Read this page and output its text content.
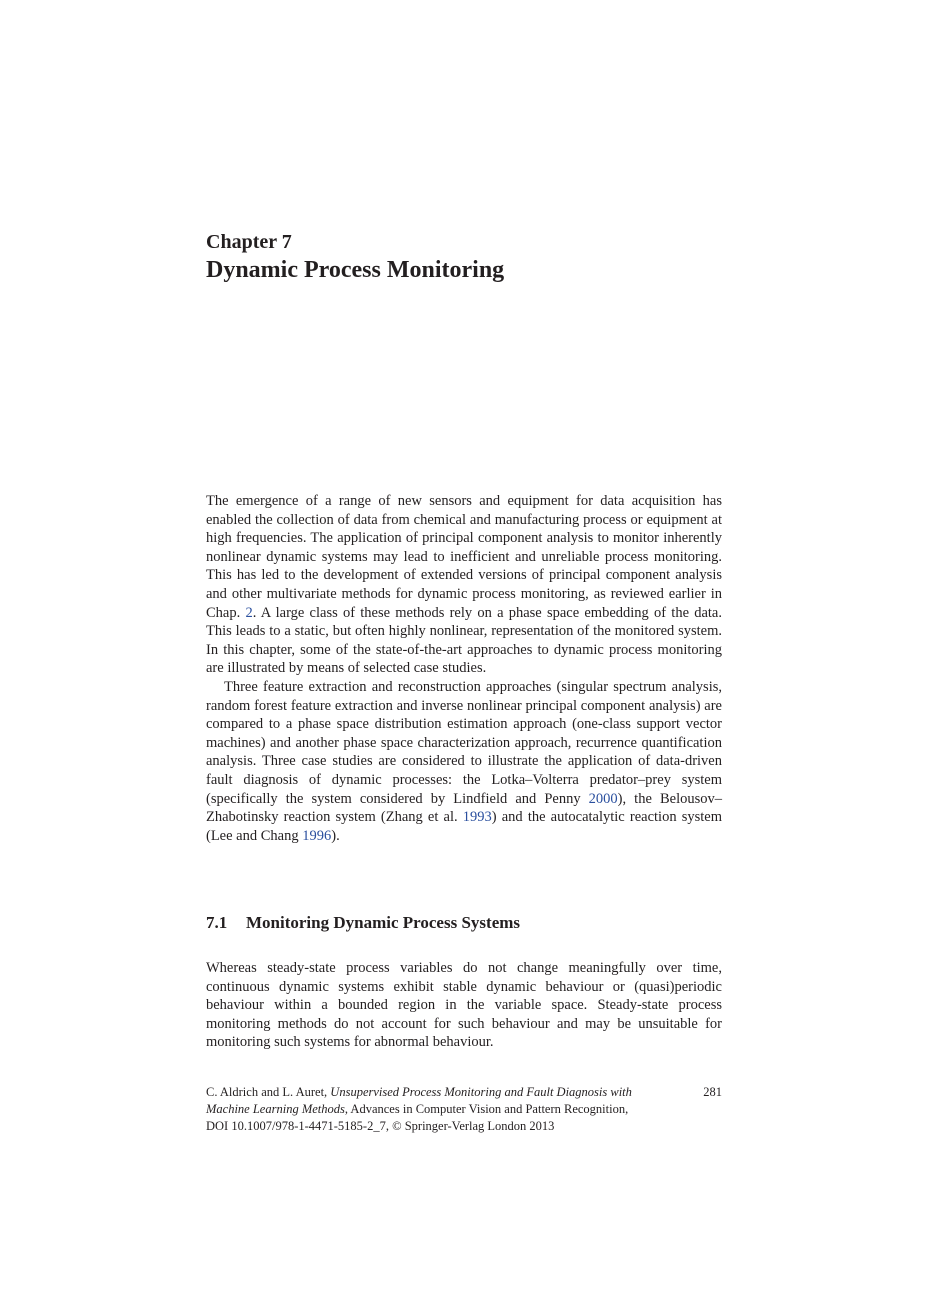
Chapter 7
Dynamic Process Monitoring

The emergence of a range of new sensors and equipment for data acquisition has enabled the collection of data from chemical and manufacturing process or equipment at high frequencies. The application of principal component analysis to monitor inherently nonlinear dynamic systems may lead to inefficient and unreliable process monitoring. This has led to the development of extended versions of principal component analysis and other multivariate methods for dynamic process monitoring, as reviewed earlier in Chap. 2. A large class of these methods rely on a phase space embedding of the data. This leads to a static, but often highly nonlinear, representation of the monitored system. In this chapter, some of the state-of-the-art approaches to dynamic process monitoring are illustrated by means of selected case studies.

Three feature extraction and reconstruction approaches (singular spectrum analysis, random forest feature extraction and inverse nonlinear principal component analysis) are compared to a phase space distribution estimation approach (one-class support vector machines) and another phase space characterization approach, recurrence quantification analysis. Three case studies are considered to illustrate the application of data-driven fault diagnosis of dynamic processes: the Lotka–Volterra predator–prey system (specifically the system considered by Lindfield and Penny 2000), the Belousov–Zhabotinsky reaction system (Zhang et al. 1993) and the autocatalytic reaction system (Lee and Chang 1996).

7.1 Monitoring Dynamic Process Systems

Whereas steady-state process variables do not change meaningfully over time, continuous dynamic systems exhibit stable dynamic behaviour or (quasi)periodic behaviour within a bounded region in the variable space. Steady-state process monitoring methods do not account for such behaviour and may be unsuitable for monitoring such systems for abnormal behaviour.

C. Aldrich and L. Auret, Unsupervised Process Monitoring and Fault Diagnosis with Machine Learning Methods, Advances in Computer Vision and Pattern Recognition,
DOI 10.1007/978-1-4471-5185-2_7, © Springer-Verlag London 2013
281
